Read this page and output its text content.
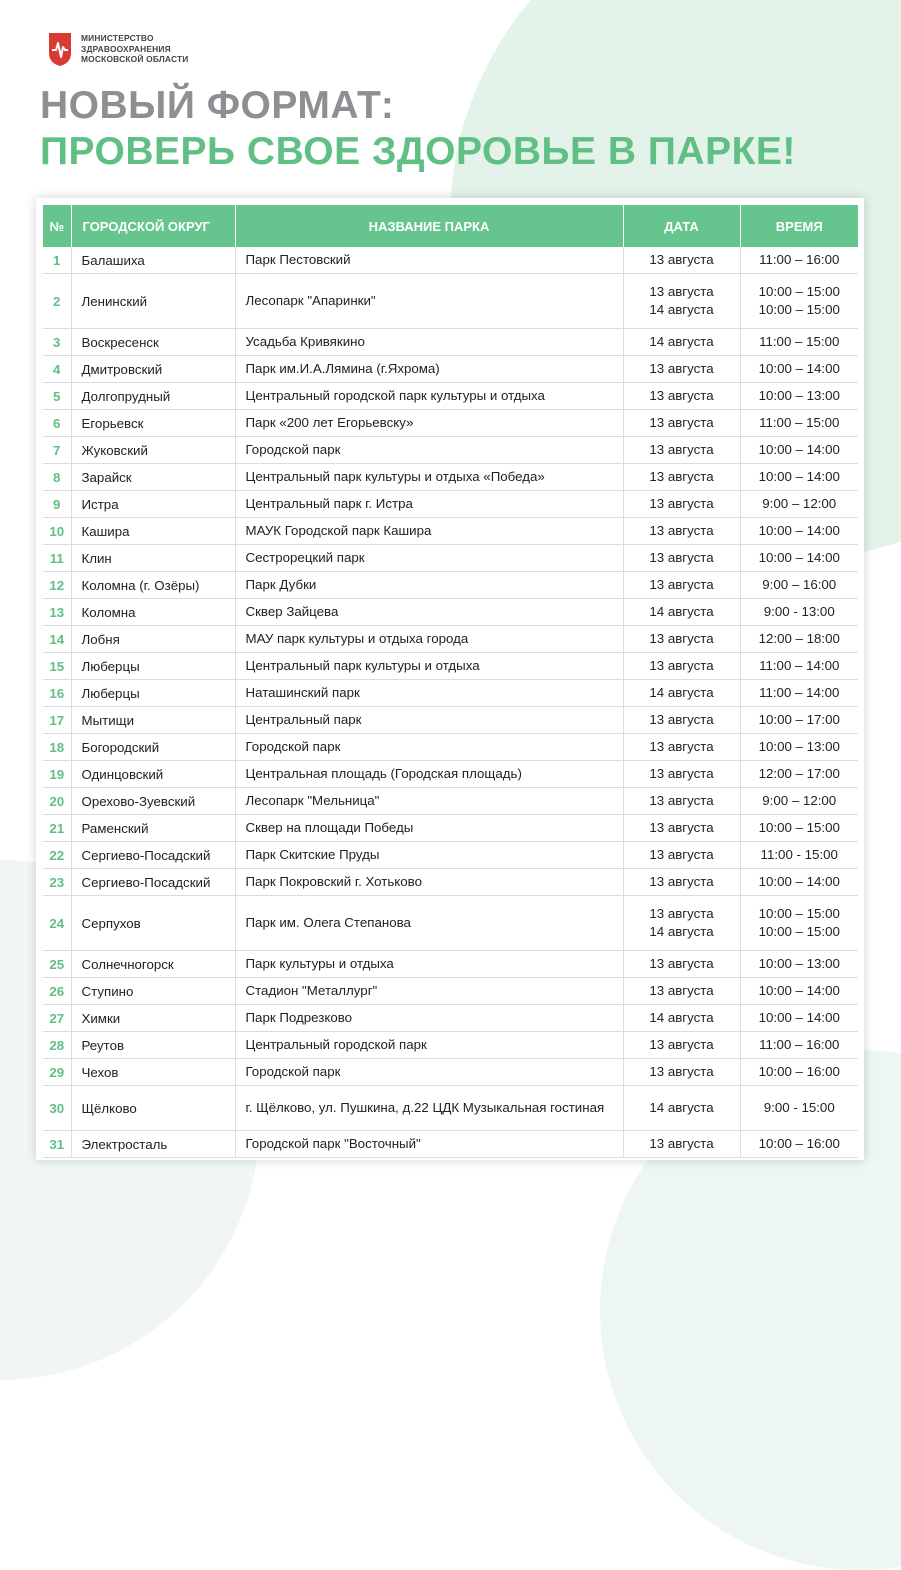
МИНИСТЕРСТВО
ЗДРАВООХРАНЕНИЯ
МОСКОВСКОЙ ОБЛАСТИ
НОВЫЙ ФОРМАТ:
ПРОВЕРЬ СВОЕ ЗДОРОВЬЕ В ПАРКЕ!
№	ГОРОДСКОЙ ОКРУГ	НАЗВАНИЕ ПАРКА	ДАТА	ВРЕМЯ
1	Балашиха	Парк Пестовский	13 августа	11:00 – 16:00

2	Ленинский	Лесопарк "Апаринки"	13 августа
14 августа	10:00 – 15:00
10:00 – 15:00

3	Воскресенск	Усадьба Кривякино	14 августа	11:00 – 15:00

4	Дмитровский	Парк им.И.А.Лямина (г.Яхрома)	13 августа	10:00 – 14:00

5	Долгопрудный	Центральный городской парк культуры и отдыха	13 августа	10:00 – 13:00

6	Егорьевск	Парк «200 лет Егорьевску»	13 августа	11:00 – 15:00

7	Жуковский	Городской парк	13 августа	10:00 – 14:00

8	Зарайск	Центральный парк культуры и отдыха «Победа»	13 августа	10:00 – 14:00

9	Истра	Центральный парк г. Истра	13 августа	9:00 – 12:00

10	Кашира	МАУК Городской парк Кашира	13 августа	10:00 – 14:00

11	Клин	Сестрорецкий парк	13 августа	10:00 – 14:00

12	Коломна (г. Озёры)	Парк Дубки	13 августа	9:00 – 16:00

13	Коломна	Сквер Зайцева	14 августа	9:00 - 13:00

14	Лобня	МАУ парк культуры и отдыха города	13 августа	12:00 – 18:00

15	Люберцы	Центральный парк культуры и отдыха	13 августа	11:00 – 14:00

16	Люберцы	Наташинский парк	14 августа	11:00 – 14:00

17	Мытищи	Центральный парк	13 августа	10:00 – 17:00

18	Богородский	Городской парк	13 августа	10:00 – 13:00

19	Одинцовский	Центральная площадь (Городская площадь)	13 августа	12:00 – 17:00

20	Орехово-Зуевский	Лесопарк "Мельница"	13 августа	9:00 – 12:00

21	Раменский	Сквер на площади Победы	13 августа	10:00 – 15:00

22	Сергиево-Посадский	Парк Скитские Пруды	13 августа	11:00 - 15:00

23	Сергиево-Посадский	Парк Покровский г. Хотьково	13 августа	10:00 – 14:00

24	Серпухов	Парк им. Олега Степанова	13 августа
14 августа	10:00 – 15:00
10:00 – 15:00

25	Солнечногорск	Парк культуры и отдыха	13 августа	10:00 – 13:00

26	Ступино	Стадион "Металлург"	13 августа	10:00 – 14:00

27	Химки	Парк Подрезково	14 августа	10:00 – 14:00

28	Реутов	Центральный городской парк	13 августа	11:00 – 16:00

29	Чехов	Городской парк	13 августа	10:00 – 16:00

30	Щёлково	г. Щёлково, ул. Пушкина, д.22 ЦДК Музыкальная гостиная	14 августа	9:00 - 15:00

31	Электросталь	Городской парк "Восточный"	13 августа	10:00 – 16:00
